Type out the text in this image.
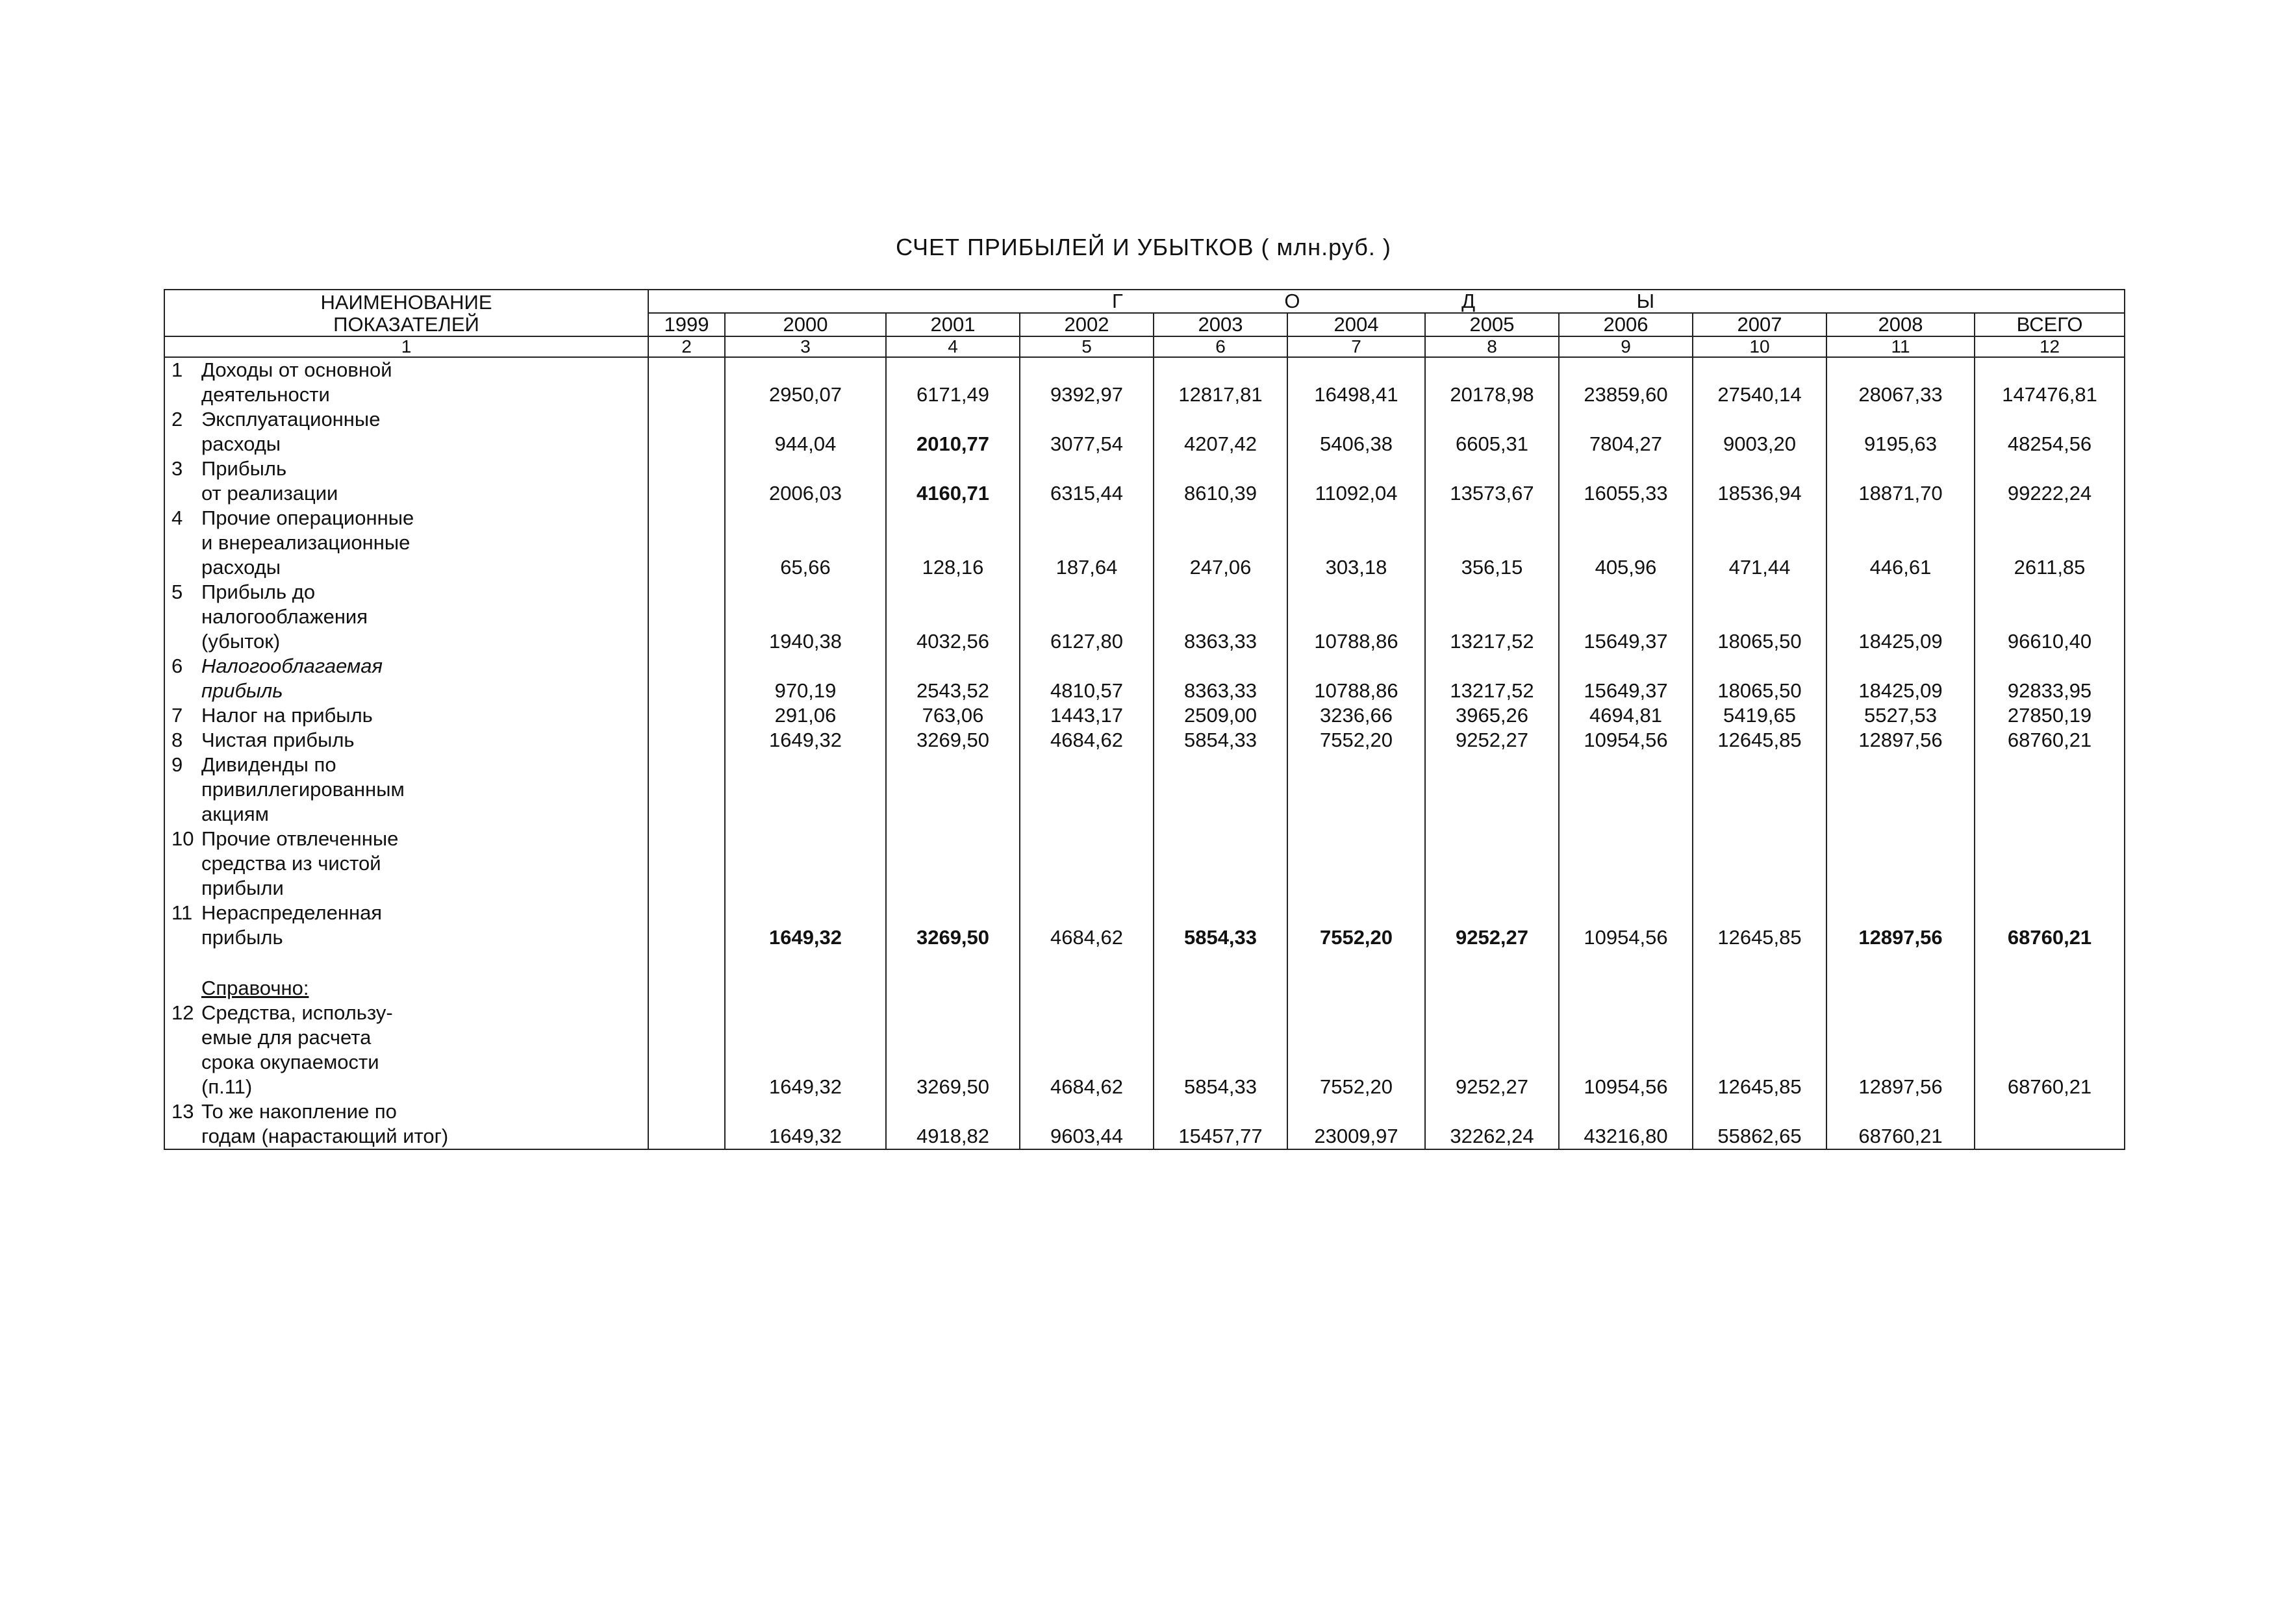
СЧЕТ ПРИБЫЛЕЙ И УБЫТКОВ ( млн.руб. )
НАИМЕНОВАНИЕ
ПОКАЗАТЕЛЕЙ	Г О Д Ы										
	1999	2000	2001	2002	2003	2004	2005	2006	2007	2008	ВСЕГО
1	2	3	4	5	6	7	8	9	10	11	12
1 Доходы от основной
деятельности		2950,07	6171,49	9392,97	12817,81	16498,41	20178,98	23859,60	27540,14	28067,33	147476,81
2 Эксплуатационные
расходы		944,04	2010,77	3077,54	4207,42	5406,38	6605,31	7804,27	9003,20	9195,63	48254,56
3 Прибыль
от реализации		2006,03	4160,71	6315,44	8610,39	11092,04	13573,67	16055,33	18536,94	18871,70	99222,24
4 Прочие операционные
и внереализационные
расходы		65,66	128,16	187,64	247,06	303,18	356,15	405,96	471,44	446,61	2611,85
5 Прибыль до налогооблажения
(убыток)		1940,38	4032,56	6127,80	8363,33	10788,86	13217,52	15649,37	18065,50	18425,09	96610,40
6 Налогооблагаемая
прибыль		970,19	2543,52	4810,57	8363,33	10788,86	13217,52	15649,37	18065,50	18425,09	92833,95
7 Налог на прибыль		291,06	763,06	1443,17	2509,00	3236,66	3965,26	4694,81	5419,65	5527,53	27850,19
8 Чистая прибыль		1649,32	3269,50	4684,62	5854,33	7552,20	9252,27	10954,56	12645,85	12897,56	68760,21
9 Дивиденды по
привиллегированным
акциям											
10 Прочие отвлеченные
средства из чистой
прибыли											
11 Нераспределенная
прибыль		1649,32	3269,50	4684,62	5854,33	7552,20	9252,27	10954,56	12645,85	12897,56	68760,21

Справочно:											
12 Средства, использу-
емые для расчета
срока окупаемости
(п.11)		1649,32	3269,50	4684,62	5854,33	7552,20	9252,27	10954,56	12645,85	12897,56	68760,21
13 То же накопление по
годам (нарастающий итог)		1649,32	4918,82	9603,44	15457,77	23009,97	32262,24	43216,80	55862,65	68760,21	
